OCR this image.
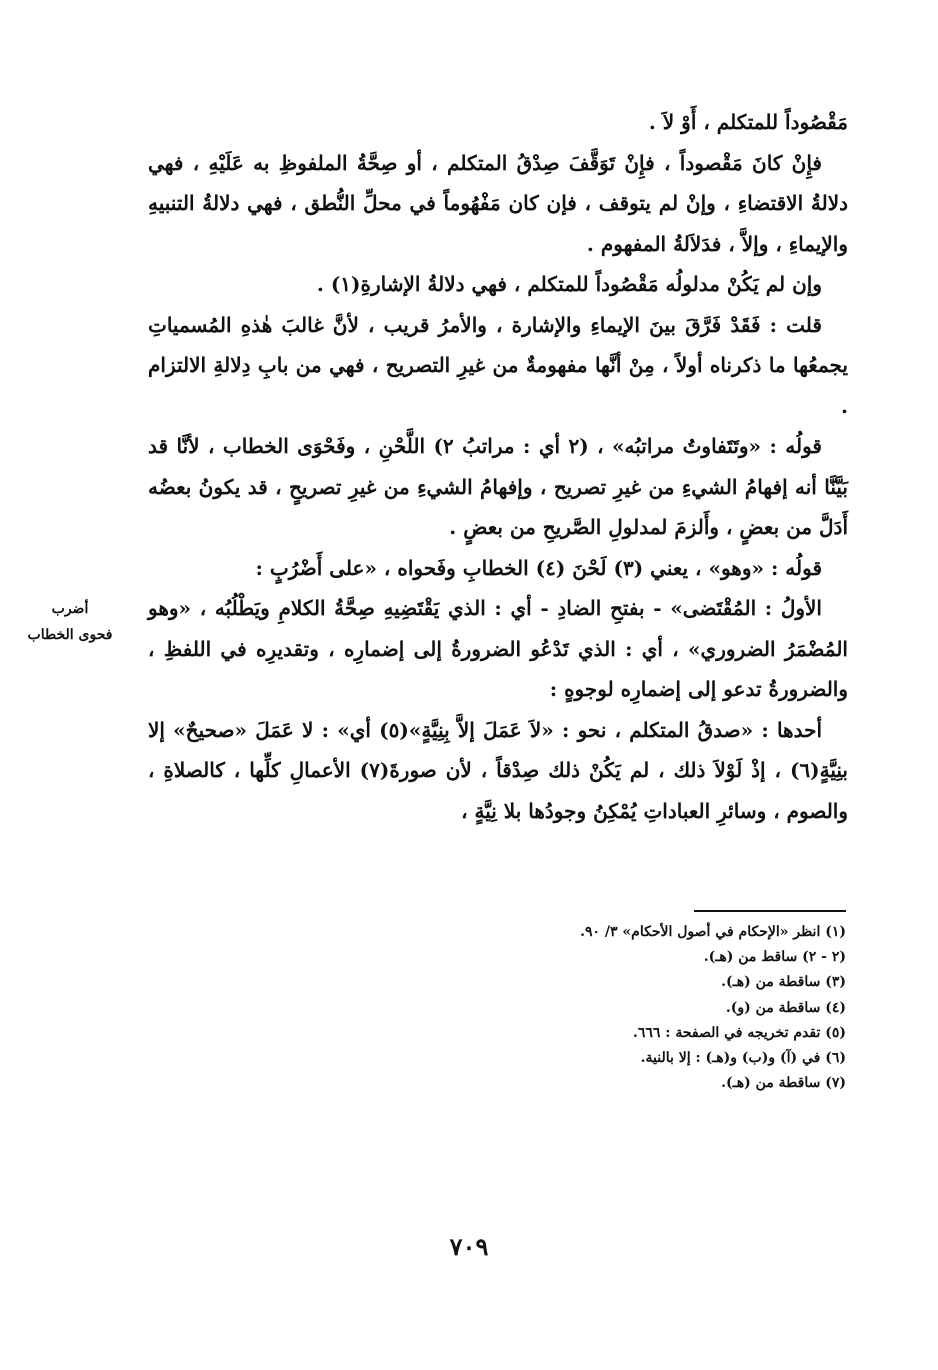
مَقْصُوداً للمتكلم ، أَوْ لاَ .

فإِنْ كانَ مَقْصوداً ، فإِنْ تَوَقَّفَ صِدْقُ المتكلم ، أو صِحَّةُ الملفوظِ به عَلَيْهِ ، فهي دلالةُ الاقتضاءِ ، وإنْ لم يتوقف ، فإن كان مَفْهُوماً في محلِّ النُّطق ، فهي دلالةُ التنبيهِ والإيماءِ ، وإلاَّ ، فدَلاَلةُ المفهوم .

وإن لم يَكُنْ مدلولُه مَقْصُوداً للمتكلم ، فهي دلالةُ الإشارةِ(١) .

قلت : فَقَدْ فَرَّقَ بينَ الإيماءِ والإشارة ، والأمرُ قريب ، لأنَّ غالبَ هٰذهِ المُسمياتِ يجمعُها ما ذكرناه أولاً ، مِنْ أنَّها مفهومةٌ من غيرِ التصريح ، فهي من بابِ دِلالةِ الالتزام .

قولُه : «وتَتَفاوتُ مراتبُه» ، (٢ أي : مراتبُ ٢) اللَّحْنِ ، وفَحْوَى الخطاب ، لأنَّا قد بَيَّنَّا أنه إفهامُ الشيءِ من غيرِ تصريح ، وإفهامُ الشيءِ من غيرِ تصريحٍ ، قد يكونُ بعضُه أَدَلَّ من بعضٍ ، وأَلزمَ لمدلولِ الصَّريحِ من بعضٍ .

قولُه : «وهو» ، يعني (٣) لَحْنَ (٤) الخطابِ وفَحواه ، «على أَضْرُبٍ :

الأولُ : المُقْتَضى» - بفتحِ الضادِ - أي : الذي يَقْتَضِيهِ صِحَّةُ الكلامِ ويَطْلُبُه ، «وهو المُضْمَرُ الضروري» ، أي : الذي تَدْعُو الضرورةُ إلى إضمارِه ، وتقديرِه في اللفظِ ، والضرورةُ تدعو إلى إضمارِه لوجوهٍ :

أحدها : «صدقُ المتكلم ، نحو : «لاَ عَمَلَ إلاَّ بِنِيَّةٍ»(٥) أي» : لا عَمَلَ «صحيحٌ» إلا بنِيَّةٍ(٦) ، إذْ لَوْلاَ ذلك ، لم يَكُنْ ذلك صِدْقاً ، لأن صورةَ(٧) الأعمالِ كلِّها ، كالصلاةِ ، والصوم ، وسائرِ العباداتِ يُمْكِنُ وجودُها بلا نِيَّةٍ ،

أضرب
فحوى الخطاب
(١) انظر «الإحكام في أصول الأحكام» ٣/ ٩٠.
(٢ - ٢) ساقط من (هـ).
(٣) ساقطة من (هـ).
(٤) ساقطة من (و).
(٥) تقدم تخريجه في الصفحة : ٦٦٦.
(٦) في (آ) و(ب) و(هـ) : إلا بالنية.
(٧) ساقطة من (هـ).
٧٠٩
